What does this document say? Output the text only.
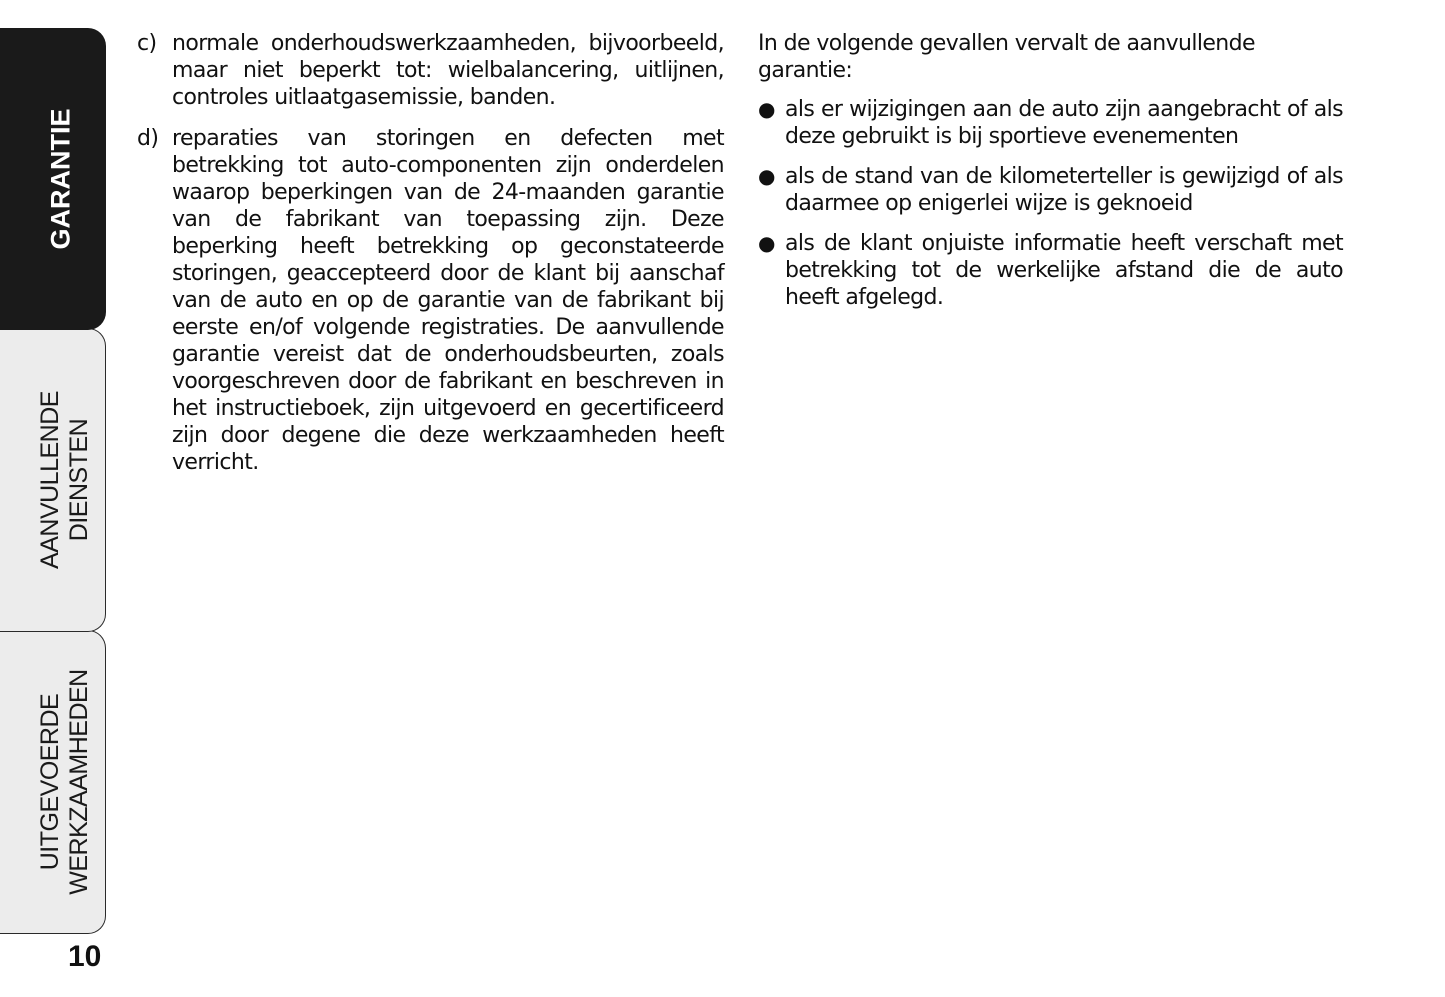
GARANTIE
AANVULLENDE DIENSTEN
UITGEVOERDE WERKZAAMHEDEN
10
c) normale onderhoudswerkzaamheden, bijvoorbeeld, maar niet beperkt tot: wielbalancering, uitlijnen, controles uitlaatgasemissie, banden.
d) reparaties van storingen en defecten met betrekking tot auto-componenten zijn onderdelen waarop beperkingen van de 24-maanden garantie van de fabrikant van toepassing zijn. Deze beperking heeft betrekking op geconstateerde storingen, geaccepteerd door de klant bij aanschaf van de auto en op de garantie van de fabrikant bij eerste en/of volgende registraties. De aanvullende garantie vereist dat de onderhoudsbeurten, zoals voorgeschreven door de fabrikant en beschreven in het instructieboek, zijn uitgevoerd en gecertificeerd zijn door degene die deze werkzaamheden heeft verricht.

In de volgende gevallen vervalt de aanvullende garantie:

● als er wijzigingen aan de auto zijn aangebracht of als deze gebruikt is bij sportieve evenementen
● als de stand van de kilometerteller is gewijzigd of als daarmee op enigerlei wijze is geknoeid
● als de klant onjuiste informatie heeft verschaft met betrekking tot de werkelijke afstand die de auto heeft afgelegd.
